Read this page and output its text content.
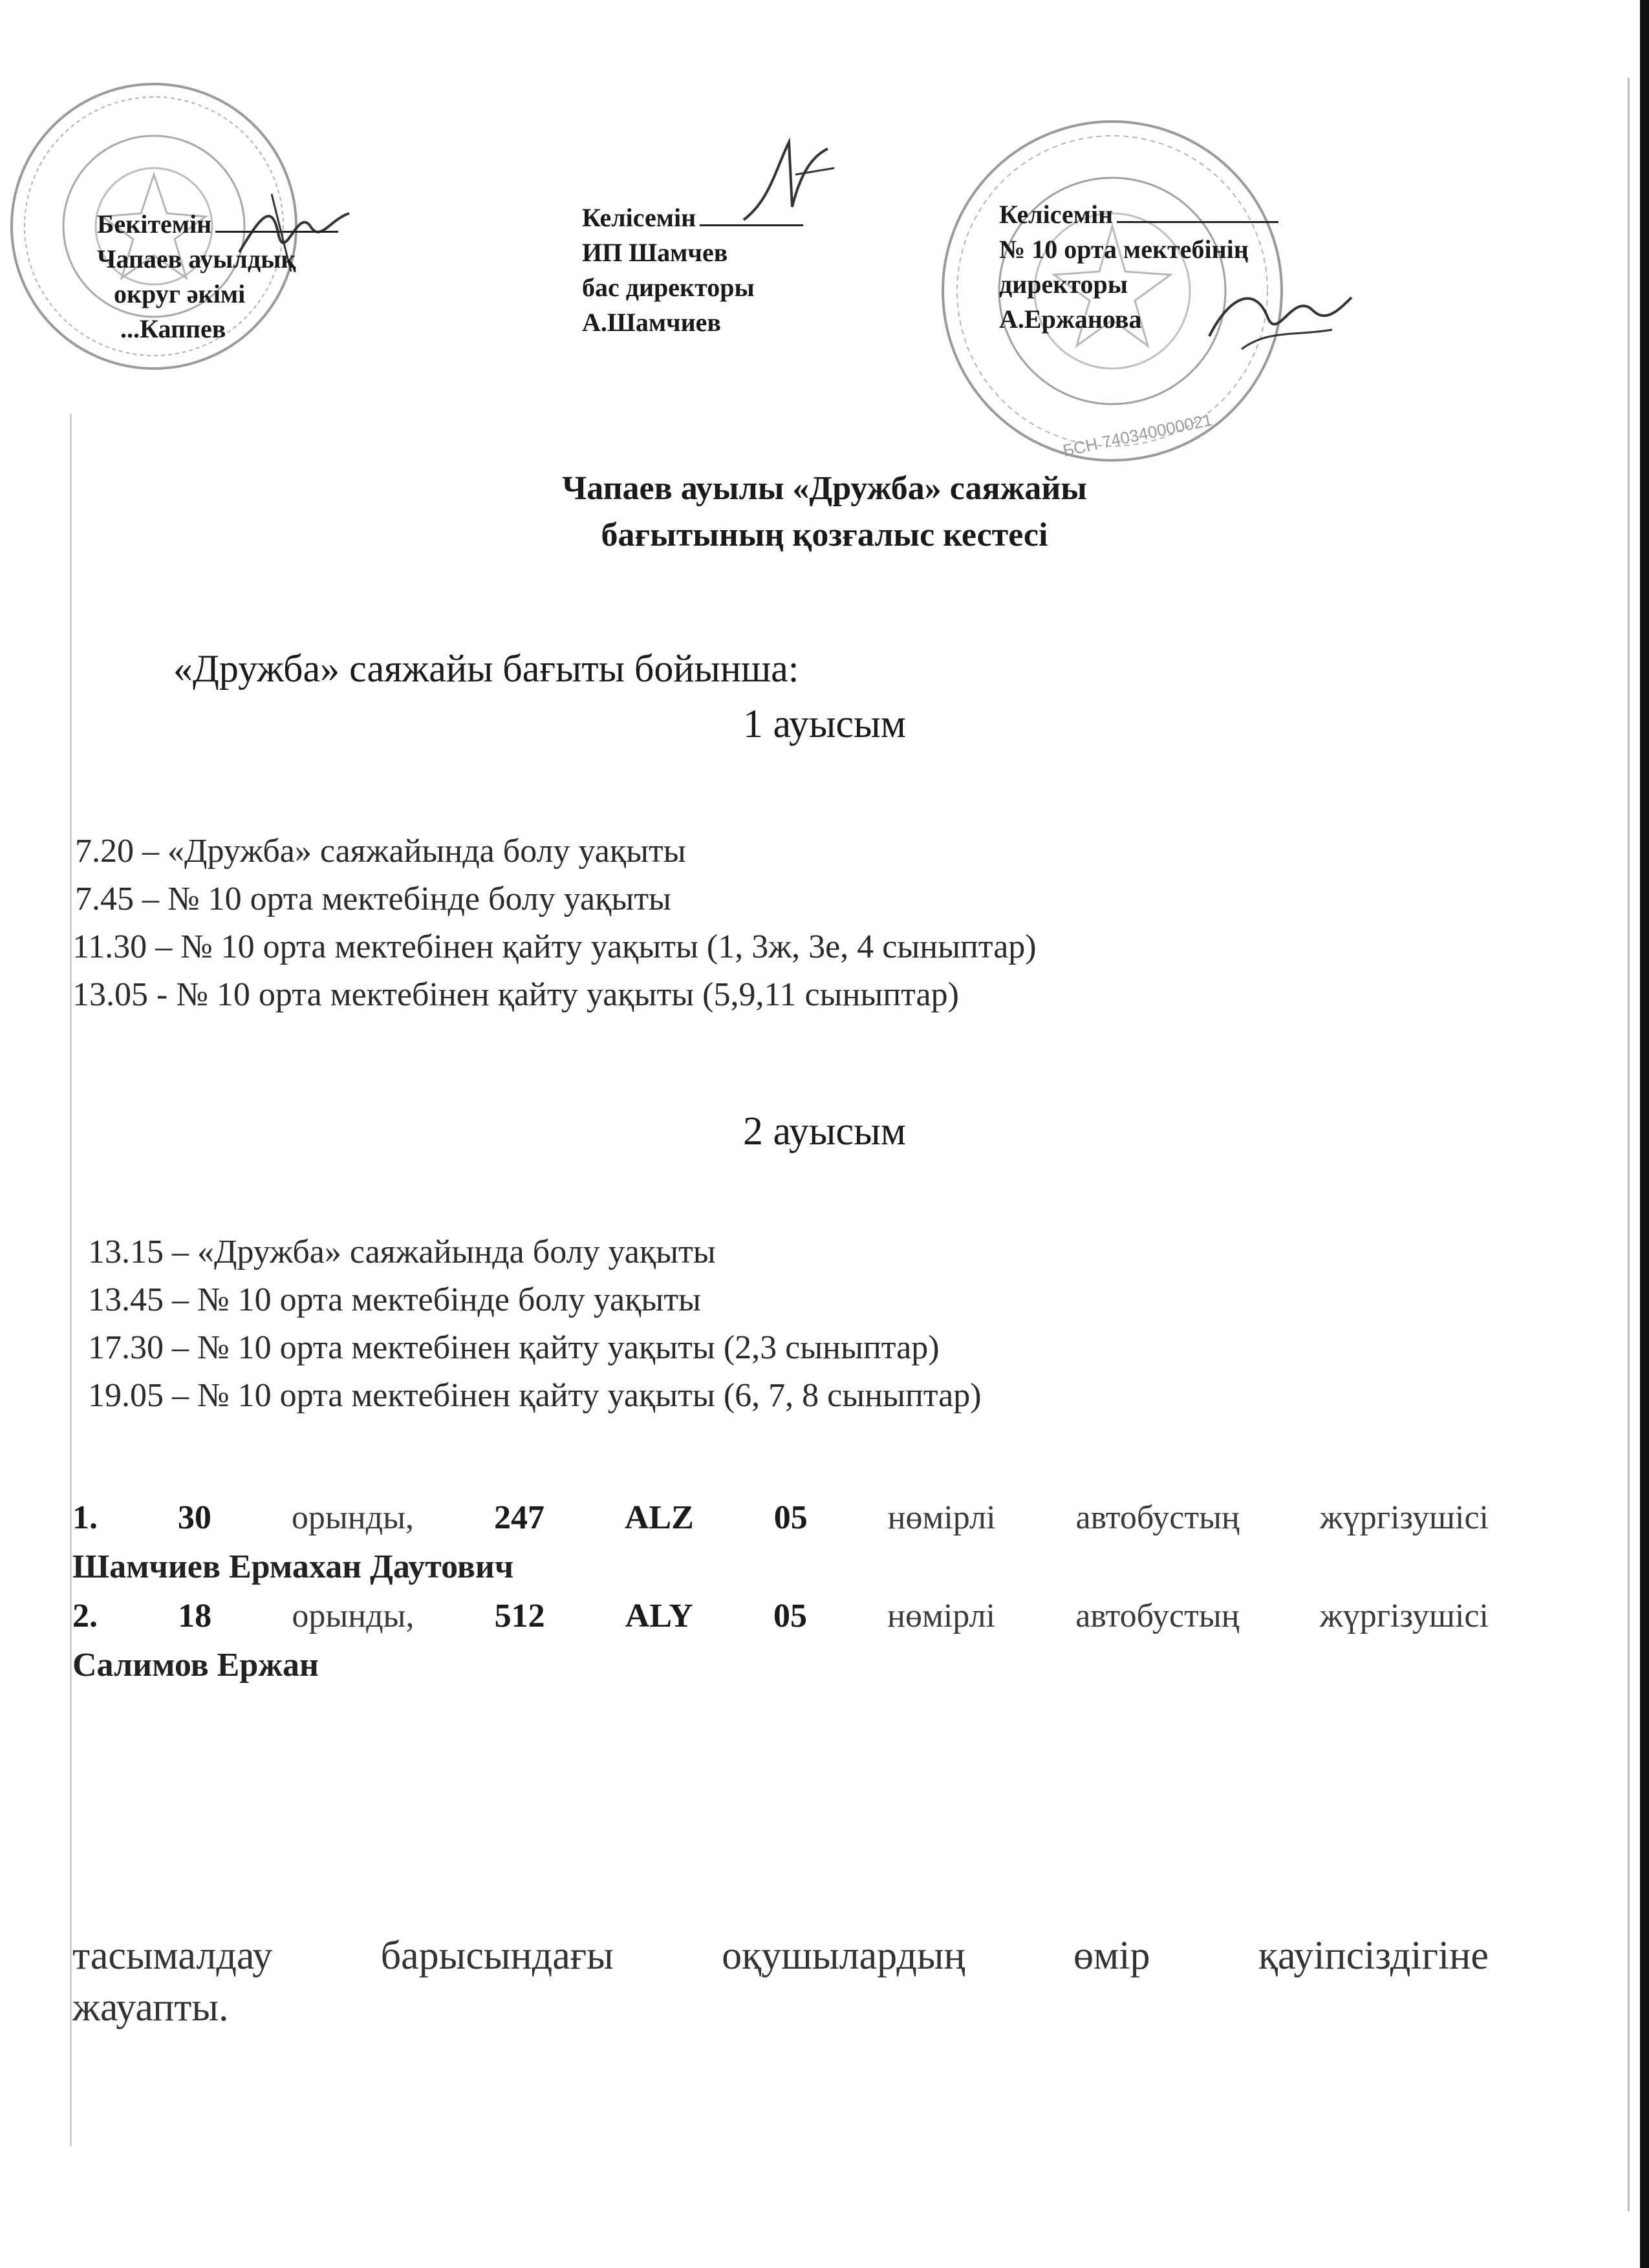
БСН 740340000021
Бекітемін
Чапаев ауылдық
округ әкімі
...Каппев
Келісемін
ИП Шамчев
бас директоры
А.Шамчиев
Келісемін
№ 10 орта мектебінің
директоры
А.Ержанова
Чапаев ауылы «Дружба» саяжайы
бағытының қозғалыс кестесі
«Дружба» саяжайы бағыты бойынша:
1 ауысым
7.20 – «Дружба» саяжайында болу уақыты
7.45 – № 10 орта мектебінде болу уақыты
11.30 – № 10 орта мектебінен қайту уақыты (1, 3ж, 3е, 4 сыныптар)
13.05 - № 10 орта мектебінен қайту уақыты (5,9,11 сыныптар)
2 ауысым
13.15 – «Дружба» саяжайында болу уақыты
13.45 – № 10 орта мектебінде болу уақыты
17.30 – № 10 орта мектебінен қайту уақыты (2,3 сыныптар)
19.05 – № 10 орта мектебінен қайту уақыты (6, 7, 8 сыныптар)
1. 30 орынды, 247 ALZ 05 нөмірлі автобустың жүргізушісі
Шамчиев Ермахан Даутович
2. 18 орынды, 512 ALY 05 нөмірлі автобустың жүргізушісі
Салимов Ержан
тасымалдау	барысындағы	оқушылардың	өмір	қауіпсіздігіне
жауапты.
